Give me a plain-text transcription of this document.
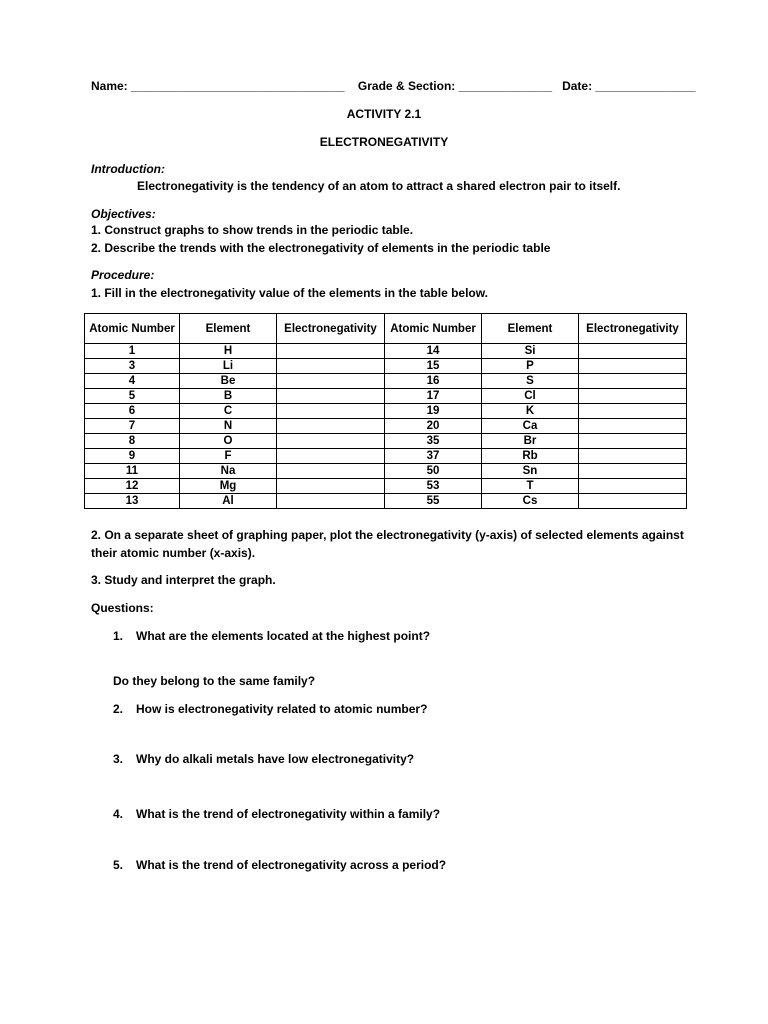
Name: ________________________________ Grade & Section: ______________ Date: _______________
ACTIVITY 2.1
ELECTRONEGATIVITY
Introduction:
Electronegativity is the tendency of an atom to attract a shared electron pair to itself.
Objectives:
1. Construct graphs to show trends in the periodic table.
2. Describe the trends with the electronegativity of elements in the periodic table
Procedure:
1. Fill in the electronegativity value of the elements in the table below.
Atomic Number	Element	Electronegativity	Atomic Number	Element	Electronegativity
1	H		14	Si	
3	Li		15	P	
4	Be		16	S	
5	B		17	Cl	
6	C		19	K	
7	N		20	Ca	
8	O		35	Br	
9	F		37	Rb	
11	Na		50	Sn	
12	Mg		53	T	
13	Al		55	Cs	
2. On a separate sheet of graphing paper, plot the electronegativity (y-axis) of selected elements against
their atomic number (x-axis).
3. Study and interpret the graph.
Questions:
1. What are the elements located at the highest point?
Do they belong to the same family?
2. How is electronegativity related to atomic number?
3. Why do alkali metals have low electronegativity?
4. What is the trend of electronegativity within a family?
5. What is the trend of electronegativity across a period?
